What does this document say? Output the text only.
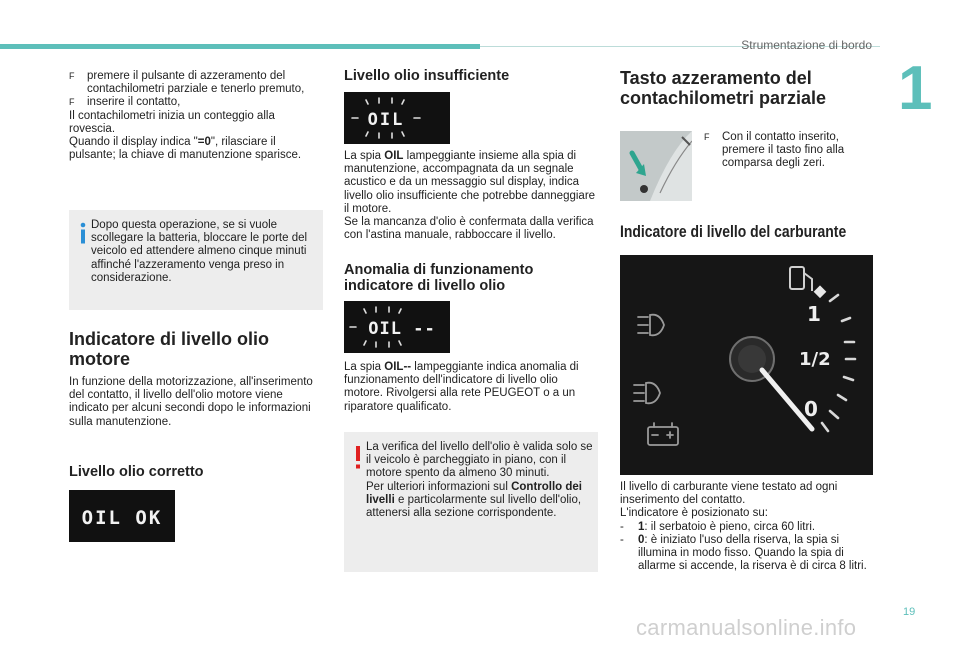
Strumentazione di bordo
1
19
carmanualsonline.info
F premere il pulsante di azzeramento del contachilometri parziale e tenerlo premuto,
F inserire il contatto,

Il contachilometri inizia un conteggio alla rovescia.

Quando il display indica "=0", rilasciare il pulsante; la chiave di manutenzione sparisce.

Dopo questa operazione, se si vuole scollegare la batteria, bloccare le porte del veicolo ed attendere almeno cinque minuti affinché l'azzeramento venga preso in considerazione.
Indicatore di livello olio motore
In funzione della motorizzazione, all'inserimento del contatto, il livello dell'olio motore viene indicato per alcuni secondi dopo le informazioni sulla manutenzione.
Livello olio corretto
OIL OK
Livello olio insufficiente
OIL

La spia OIL lampeggiante insieme alla spia di manutenzione, accompagnata da un segnale acustico e da un messaggio sul display, indica livello olio insufficiente che potrebbe danneggiare il motore.

Se la mancanza d'olio è confermata dalla verifica con l'astina manuale, rabboccare il livello.

Anomalia di funzionamento indicatore di livello olio
OIL --

La spia OIL-- lampeggiante indica anomalia di funzionamento dell'indicatore di livello olio motore. Rivolgersi alla rete PEUGEOT o a un riparatore qualificato.

La verifica del livello dell'olio è valida solo se il veicolo è parcheggiato in piano, con il motore spento da almeno 30 minuti.

Per ulteriori informazioni sul Controllo dei livelli e particolarmente sul livello dell'olio, attenersi alla sezione corrispondente.

Tasto azzeramento del contachilometri parziale
F Con il contatto inserito, premere il tasto fino alla comparsa degli zeri.
Indicatore di livello del carburante
1
1/2
0

Il livello di carburante viene testato ad ogni inserimento del contatto.

L'indicatore è posizionato su:

- 1: il serbatoio è pieno, circa 60 litri.
- 0: è iniziato l'uso della riserva, la spia si illumina in modo fisso. Quando la spia di allarme si accende, la riserva è di circa 8 litri.
